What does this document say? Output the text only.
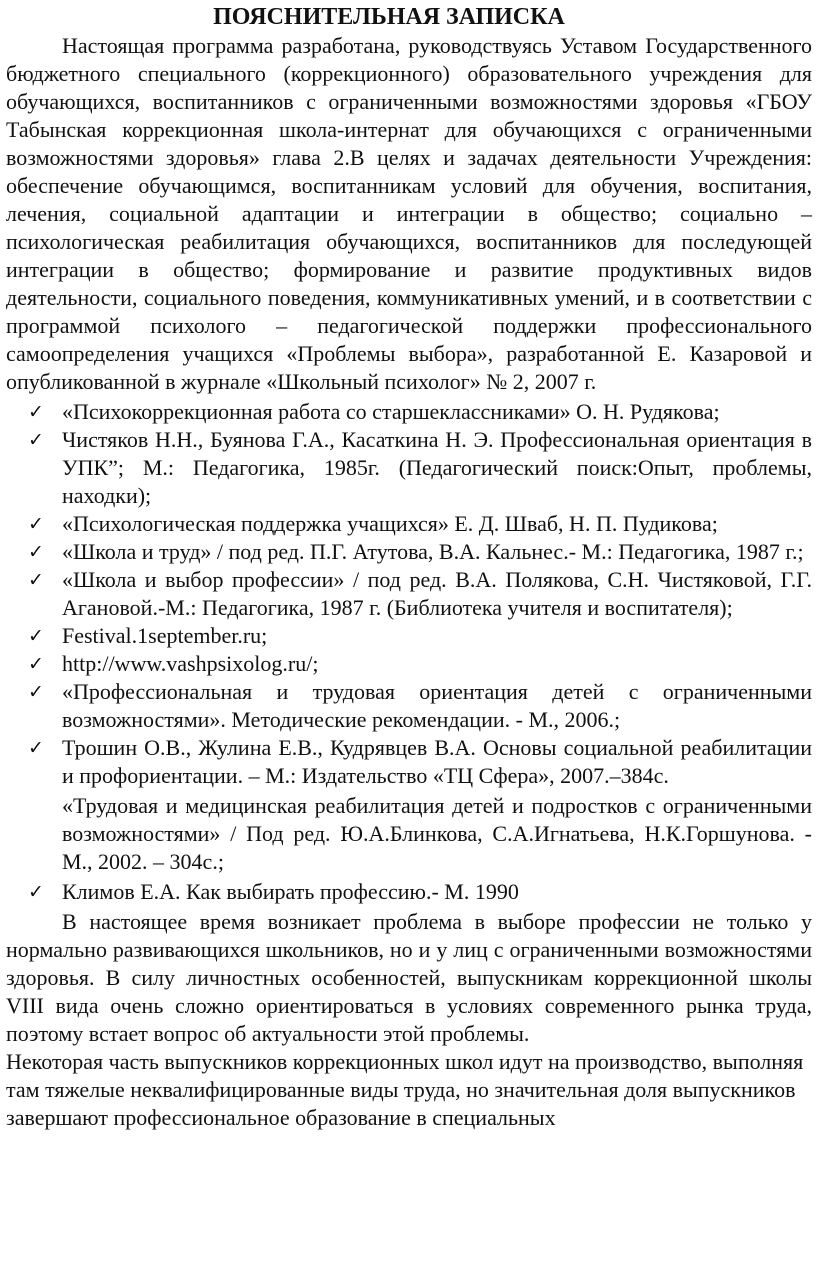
ПОЯСНИТЕЛЬНАЯ ЗАПИСКА

Настоящая программа разработана, руководствуясь Уставом Государственного бюджетного специального (коррекционного) образовательного учреждения для обучающихся, воспитанников с ограниченными возможностями здоровья «ГБОУ Табынская коррекционная школа-интернат для обучающихся с ограниченными возможностями здоровья» глава 2.В целях и задачах деятельности Учреждения: обеспечение обучающимся, воспитанникам условий для обучения, воспитания, лечения, социальной адаптации и интеграции в общество; социально – психологическая реабилитация обучающихся, воспитанников для последующей интеграции в общество; формирование и развитие продуктивных видов деятельности, социального поведения, коммуникативных умений, и в соответствии с программой психолого – педагогической поддержки профессионального самоопределения учащихся «Проблемы выбора», разработанной Е. Казаровой и опубликованной в журнале «Школьный психолог» № 2, 2007 г.

✓ «Психокоррекционная работа со старшеклассниками» О. Н. Рудякова;
✓ Чистяков Н.Н., Буянова Г.А., Касаткина Н. Э. Профессиональная ориентация в УПК”; М.: Педагогика, 1985г. (Педагогический поиск:Опыт, проблемы, находки);
✓ «Психологическая поддержка учащихся» Е. Д. Шваб, Н. П. Пудикова;
✓ «Школа и труд» / под ред. П.Г. Атутова, В.А. Кальнес.- М.: Педагогика, 1987 г.;
✓ «Школа и выбор профессии» / под ред. В.А. Полякова, С.Н. Чистяковой, Г.Г. Агановой.-М.: Педагогика, 1987 г. (Библиотека учителя и воспитателя);
✓ Festival.1september.ru;
✓ http://www.vashpsixolog.ru/;
✓ «Профессиональная и трудовая ориентация детей с ограниченными возможностями». Методические рекомендации. - М., 2006.;
✓ Трошин О.В., Жулина Е.В., Кудрявцев В.А. Основы социальной реабилитации и профориентации. – М.: Издательство «ТЦ Сфера», 2007.–384с.

«Трудовая и медицинская реабилитация детей и подростков с ограниченными возможностями» / Под ред. Ю.А.Блинкова, С.А.Игнатьева, Н.К.Горшунова. - М., 2002. – 304с.;

✓ Климов Е.А. Как выбирать профессию.- М. 1990

В настоящее время возникает проблема в выборе профессии не только у нормально развивающихся школьников, но и у лиц с ограниченными возможностями здоровья. В силу личностных особенностей, выпускникам коррекционной школы VIII вида очень сложно ориентироваться в условиях современного рынка труда, поэтому встает вопрос об актуальности этой проблемы.

Некоторая часть выпускников коррекционных школ идут на производство, выполняя там тяжелые неквалифицированные виды труда, но значительная доля выпускников завершают профессиональное образование в специальных
